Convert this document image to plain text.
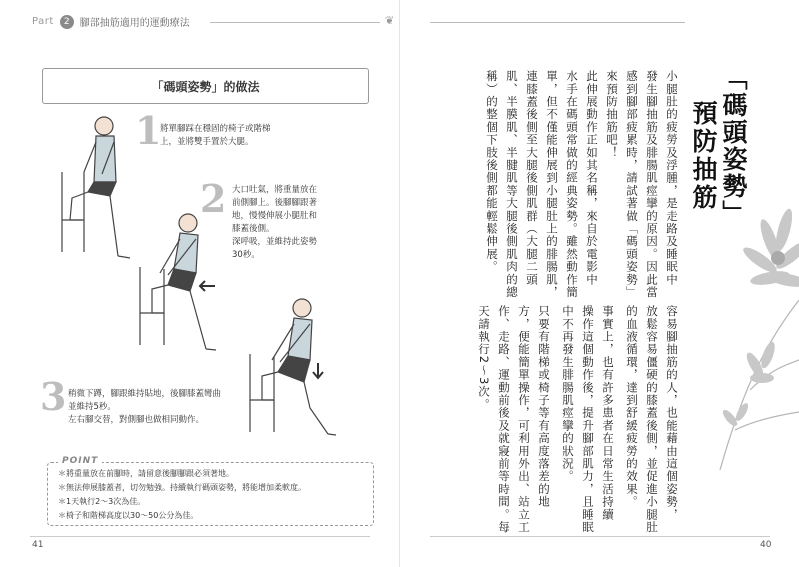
Part	2	腳部抽筋適用的運動療法	❦
「碼頭姿勢」的做法
1
將單腳踩在穩固的椅子或階梯
上，並將雙手置於大腿。
2 大口吐氣，將重量放在
前側腳上。後腳腳跟著
地，慢慢伸展小腿肚和
膝蓋後側。
深呼吸，並維持此姿勢
30秒。
3 稍微下蹲，腳跟維持貼地，後腳膝蓋彎曲
並維持5秒。
左右腳交替，對側腳也做相同動作。
POINT
＊將重量放在前腳時，請留意後腳腳跟必須著地。
＊無法伸展膝蓋者，切勿勉強。持續執行碼頭姿勢，將能增加柔軟度。
＊1天執行2～3次為佳。
＊椅子和階梯高度以30～50公分為佳。
41	40
「碼頭姿勢」
預防抽筋
小腿肚的疲勞及浮腫，是走路及睡眠中
發生腳抽筋及腓腸肌痙攣的原因。因此當
感到腳部疲累時，請試著做「碼頭姿勢」
來預防抽筋吧！
此伸展動作正如其名稱，來自於電影中
水手在碼頭常做的經典姿勢。雖然動作簡
單，但不僅能伸展到小腿肚上的腓腸肌，
連膝蓋後側至大腿後側肌群（大腿二頭
肌、半膜肌、半腱肌等大腿後側肌肉的總
稱）的整個下肢後側都能輕鬆伸展。
容易腳抽筋的人，也能藉由這個姿勢，
放鬆容易僵硬的膝蓋後側，並促進小腿肚
的血液循環，達到舒緩疲勞的效果。
事實上，也有許多患者在日常生活持續
操作這個動作後，提升腳部肌力，且睡眠
中不再發生腓腸肌痙攣的狀況。
只要有階梯或椅子等有高度落差的地
方，便能簡單操作，可利用外出、站立工
作、走路、運動前後及就寢前等時間。每
天請執行2～3次。
